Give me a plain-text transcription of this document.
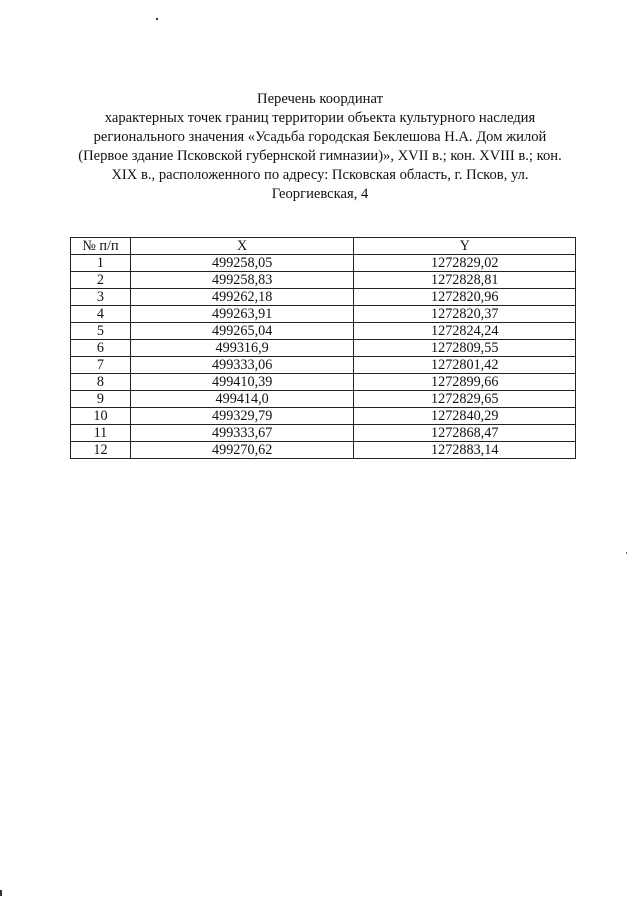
Перечень координат
характерных точек границ территории объекта культурного наследия
регионального значения «Усадьба городская Беклешова Н.А. Дом жилой
(Первое здание Псковской губернской гимназии)», XVII в.; кон. XVIII в.; кон.
XIX в., расположенного по адресу: Псковская область, г. Псков, ул.
Георгиевская, 4
№ п/п	X	Y
1	499258,05	1272829,02
2	499258,83	1272828,81
3	499262,18	1272820,96
4	499263,91	1272820,37
5	499265,04	1272824,24
6	499316,9	1272809,55
7	499333,06	1272801,42
8	499410,39	1272899,66
9	499414,0	1272829,65
10	499329,79	1272840,29
11	499333,67	1272868,47
12	499270,62	1272883,14
